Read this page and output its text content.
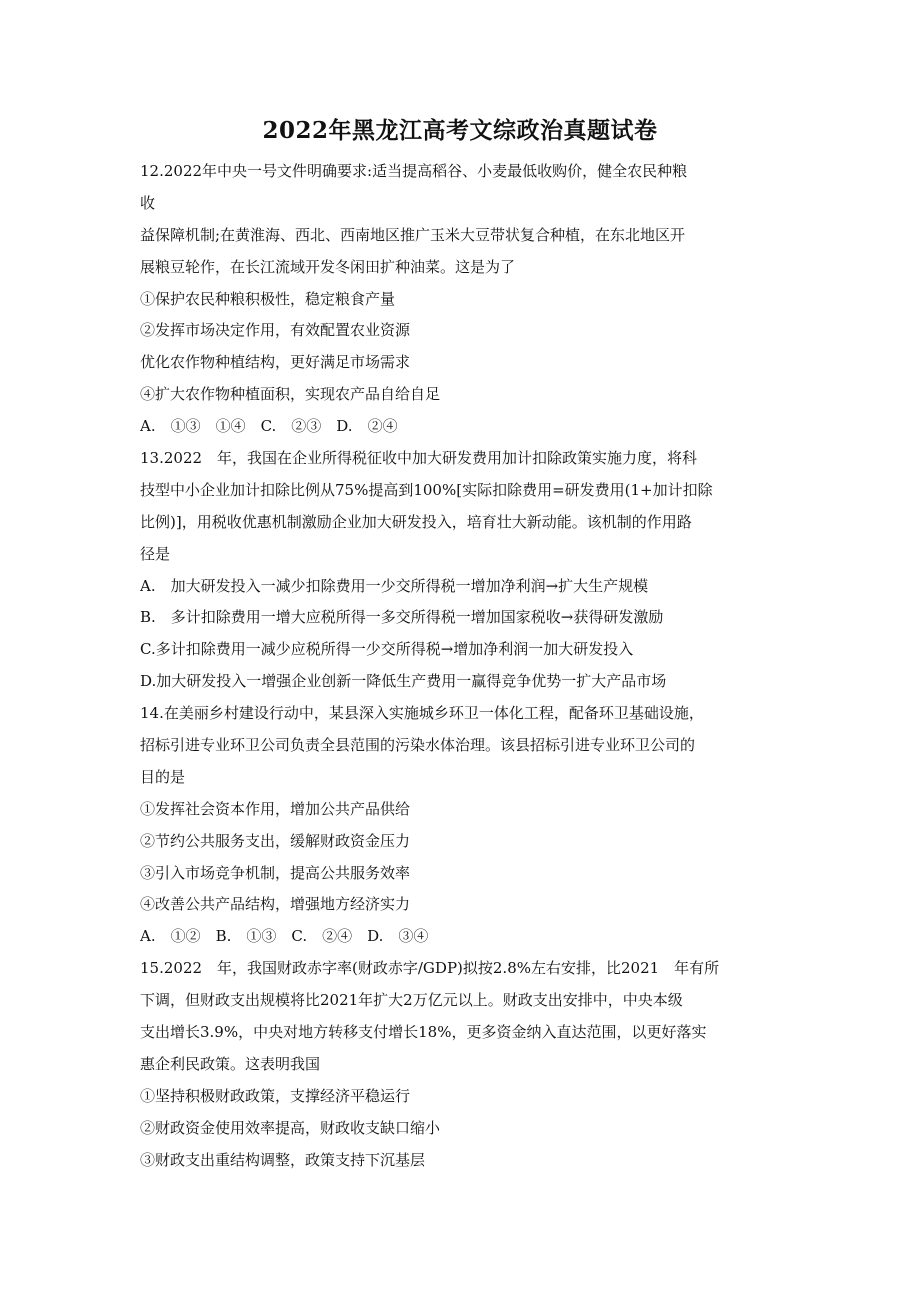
2022年黑龙江高考文综政治真题试卷
12.2022年中央一号文件明确要求:适当提高稻谷、小麦最低收购价，健全农民种粮
收
益保障机制;在黄淮海、西北、西南地区推广玉米大豆带状复合种植，在东北地区开
展粮豆轮作，在长江流域开发冬闲田扩种油菜。这是为了
①保护农民种粮积极性，稳定粮食产量
②发挥市场决定作用，有效配置农业资源
优化农作物种植结构，更好满足市场需求
④扩大农作物种植面积，实现农产品自给自足
A.　①③　①④　C.　②③　D.　②④
13.2022　年，我国在企业所得税征收中加大研发费用加计扣除政策实施力度，将科
技型中小企业加计扣除比例从75%提高到100%[实际扣除费用=研发费用(1+加计扣除
比例)]，用税收优惠机制激励企业加大研发投入，培育壮大新动能。该机制的作用路
径是
A.　加大研发投入一减少扣除费用一少交所得税一增加净利润→扩大生产规模
B.　多计扣除费用一增大应税所得一多交所得税一增加国家税收→获得研发激励
C.多计扣除费用一减少应税所得一少交所得税→增加净利润一加大研发投入
D.加大研发投入一增强企业创新一降低生产费用一赢得竞争优势一扩大产品市场
14.在美丽乡村建设行动中，某县深入实施城乡环卫一体化工程，配备环卫基础设施，
招标引进专业环卫公司负责全县范围的污染水体治理。该县招标引进专业环卫公司的
目的是
①发挥社会资本作用，增加公共产品供给
②节约公共服务支出，缓解财政资金压力
③引入市场竞争机制，提高公共服务效率
④改善公共产品结构，增强地方经济实力
A.　①②　B.　①③　C.　②④　D.　③④
15.2022　年，我国财政赤字率(财政赤字/GDP)拟按2.8%左右安排，比2021　年有所
下调，但财政支出规模将比2021年扩大2万亿元以上。财政支出安排中，中央本级
支出增长3.9%，中央对地方转移支付增长18%，更多资金纳入直达范围，以更好落实
惠企利民政策。这表明我国
①坚持积极财政政策，支撑经济平稳运行
②财政资金使用效率提高，财政收支缺口缩小
③财政支出重结构调整，政策支持下沉基层
